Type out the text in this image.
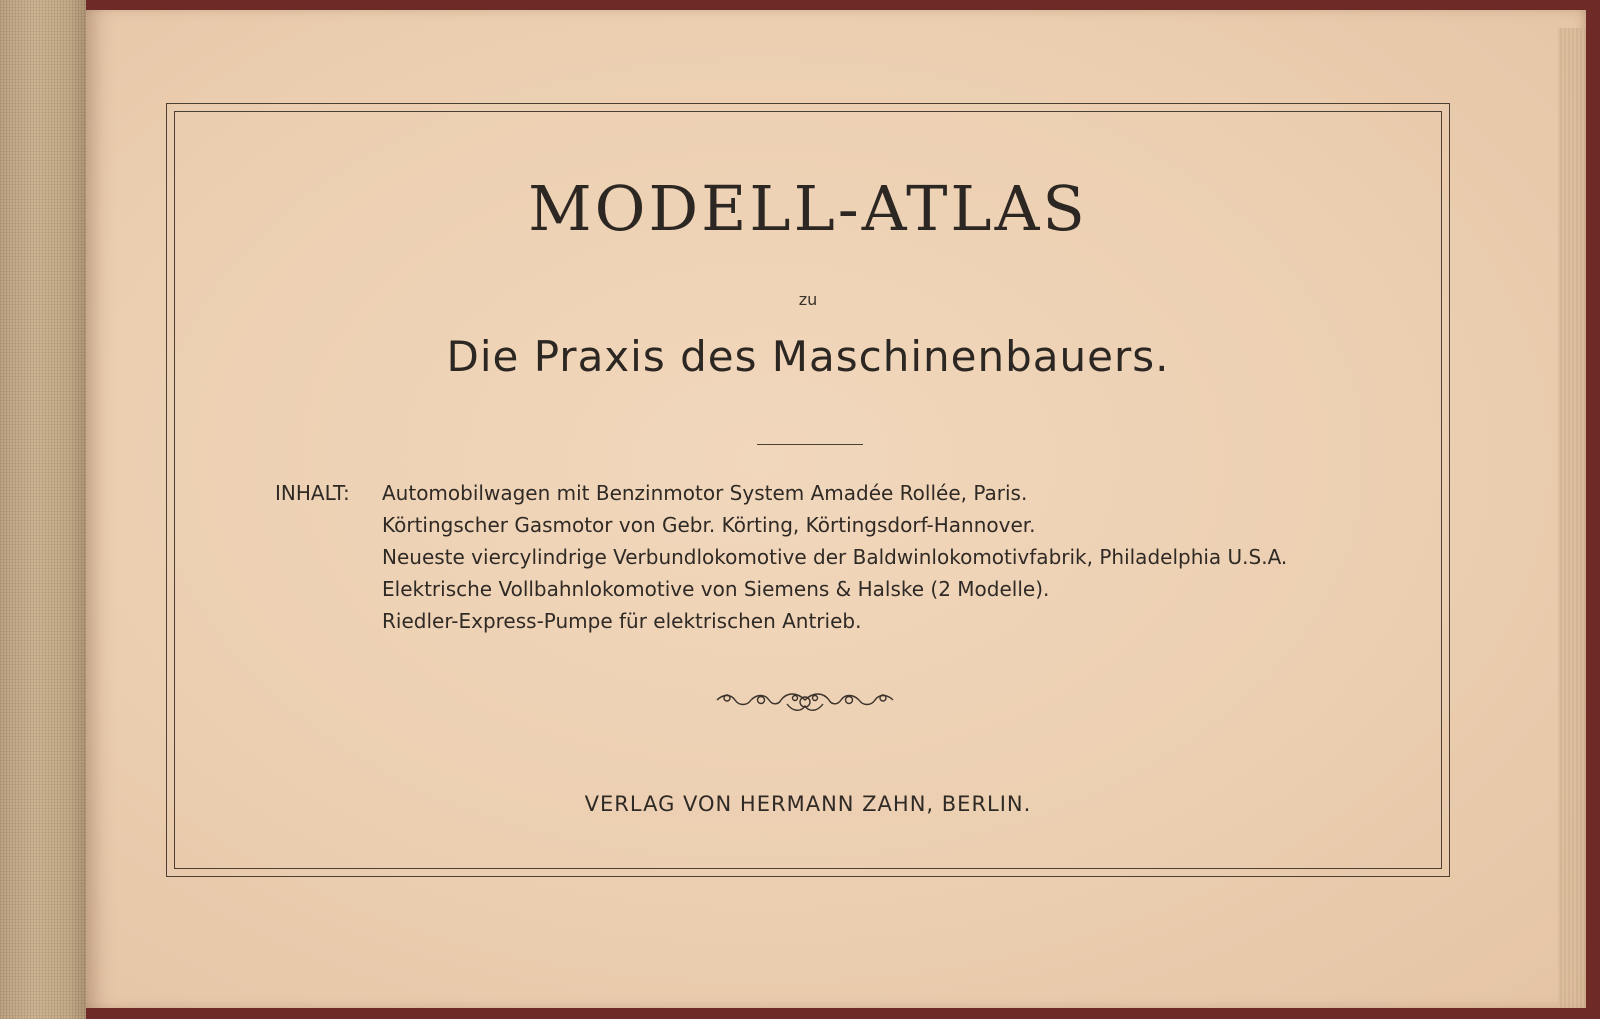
MODELL-ATLAS
zu
Die Praxis des Maschinenbauers.
INHALT:	Automobilwagen mit Benzinmotor System Amadée Rollée, Paris.
Körtingscher Gasmotor von Gebr. Körting, Körtingsdorf-Hannover.
Neueste viercylindrige Verbundlokomotive der Baldwinlokomotivfabrik, Philadelphia U.S.A.
Elektrische Vollbahnlokomotive von Siemens & Halske (2 Modelle).
Riedler-Express-Pumpe für elektrischen Antrieb.
VERLAG VON HERMANN ZAHN, BERLIN.
